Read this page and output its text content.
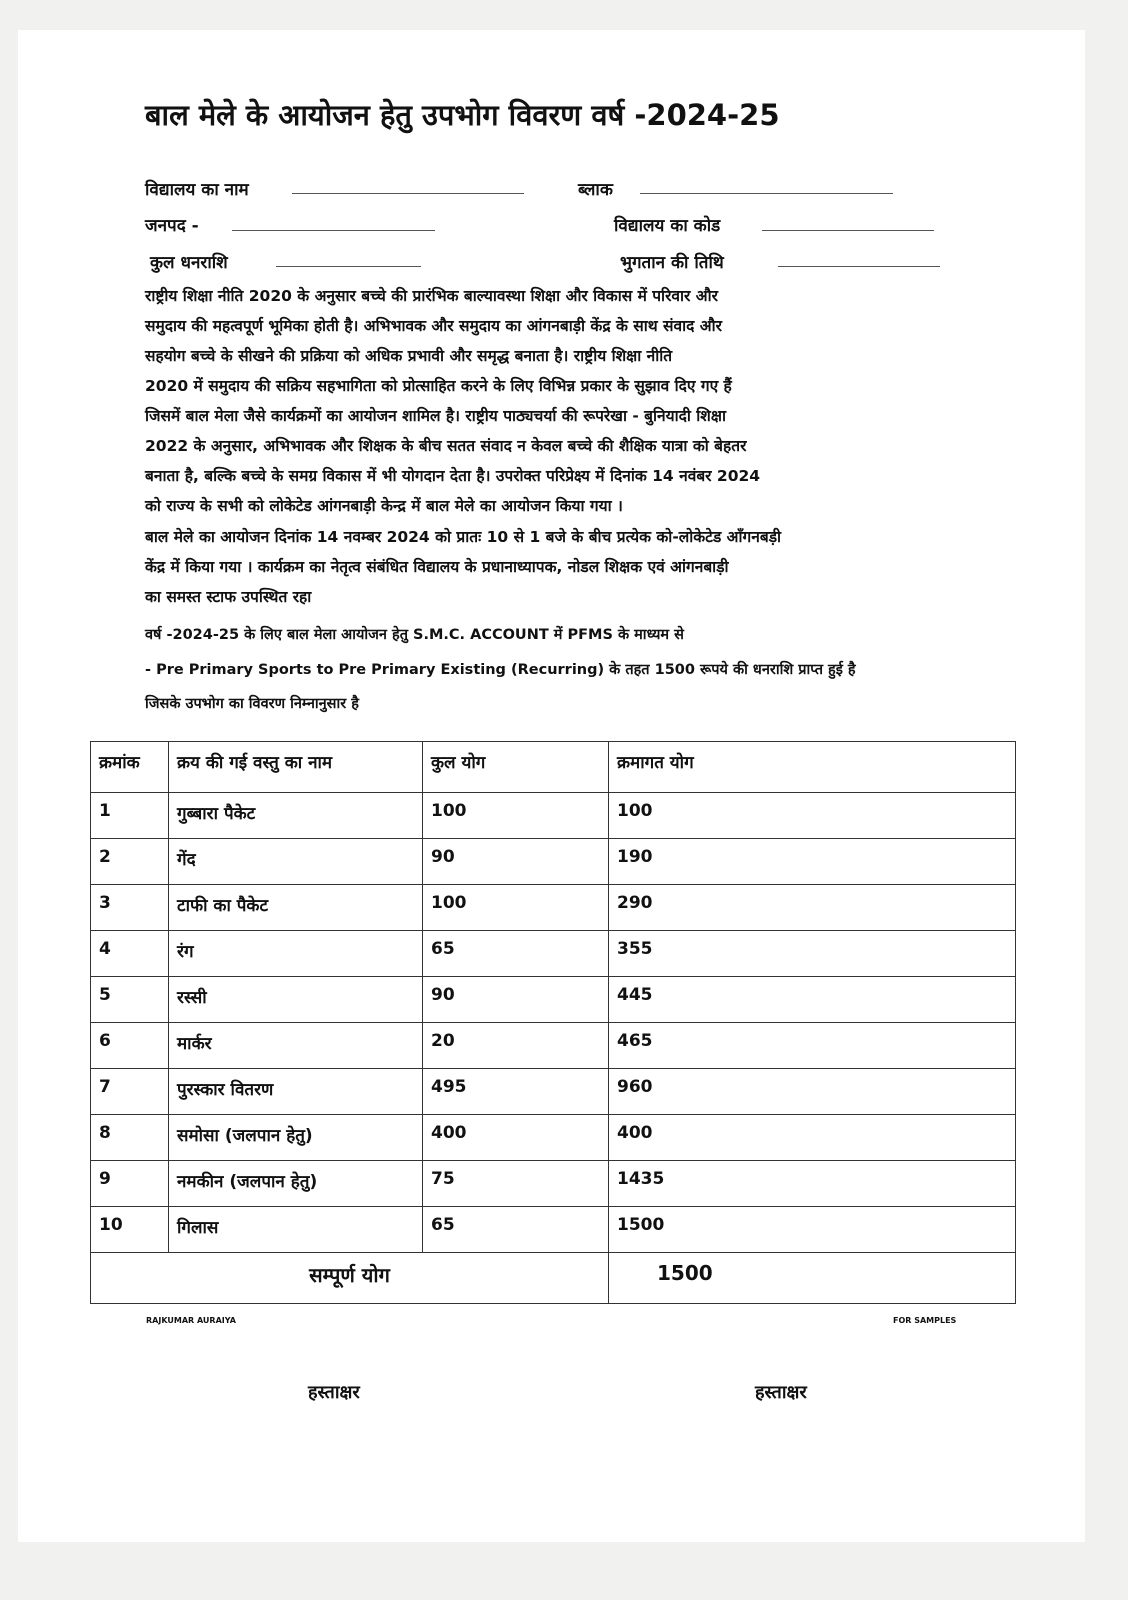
बाल मेले के आयोजन हेतु उपभोग विवरण वर्ष -2024-25
विद्यालय का नाम	ब्लाक
जनपद -	विद्यालय का कोड
कुल धनराशि	भुगतान की तिथि
राष्ट्रीय शिक्षा नीति 2020 के अनुसार बच्चे की प्रारंभिक बाल्यावस्था शिक्षा और विकास में परिवार और
समुदाय की महत्वपूर्ण भूमिका होती है। अभिभावक और समुदाय का आंगनबाड़ी केंद्र के साथ संवाद और
सहयोग बच्चे के सीखने की प्रक्रिया को अधिक प्रभावी और समृद्ध बनाता है। राष्ट्रीय शिक्षा नीति
2020 में समुदाय की सक्रिय सहभागिता को प्रोत्साहित करने के लिए विभिन्न प्रकार के सुझाव दिए गए हैं
जिसमें बाल मेला जैसे कार्यक्रमों का आयोजन शामिल है। राष्ट्रीय पाठ्यचर्या की रूपरेखा - बुनियादी शिक्षा
2022 के अनुसार, अभिभावक और शिक्षक के बीच सतत संवाद न केवल बच्चे की शैक्षिक यात्रा को बेहतर
बनाता है, बल्कि बच्चे के समग्र विकास में भी योगदान देता है। उपरोक्त परिप्रेक्ष्य में दिनांक 14 नवंबर 2024
को राज्य के सभी को लोकेटेड आंगनबाड़ी केन्द्र में बाल मेले का आयोजन किया गया ।
बाल मेले का आयोजन दिनांक 14 नवम्बर 2024 को प्रातः 10 से 1 बजे के बीच प्रत्येक को-लोकेटेड आँगनबड़ी
केंद्र में किया गया । कार्यक्रम का नेतृत्व संबंधित विद्यालय के प्रधानाध्यापक, नोडल शिक्षक एवं आंगनबाड़ी
का समस्त स्टाफ उपस्थित रहा
वर्ष -2024-25 के लिए बाल मेला आयोजन हेतु S.M.C. ACCOUNT में PFMS के माध्यम से
- Pre Primary Sports to Pre Primary Existing (Recurring) के तहत 1500 रूपये की धनराशि प्राप्त हुई है
जिसके उपभोग का विवरण निम्नानुसार है
क्रमांक	क्रय की गई वस्तु का नाम	कुल योग	क्रमागत योग
1	गुब्बारा पैकेट	100	100
2	गेंद	90	190
3	टाफी का पैकेट	100	290
4	रंग	65	355
5	रस्सी	90	445
6	मार्कर	20	465
7	पुरस्कार वितरण	495	960
8	समोसा (जलपान हेतु)	400	400
9	नमकीन (जलपान हेतु)	75	1435
10	गिलास	65	1500
सम्पूर्ण योग			1500
RAJKUMAR AURAIYA	FOR SAMPLES
हस्ताक्षर	हस्ताक्षर
